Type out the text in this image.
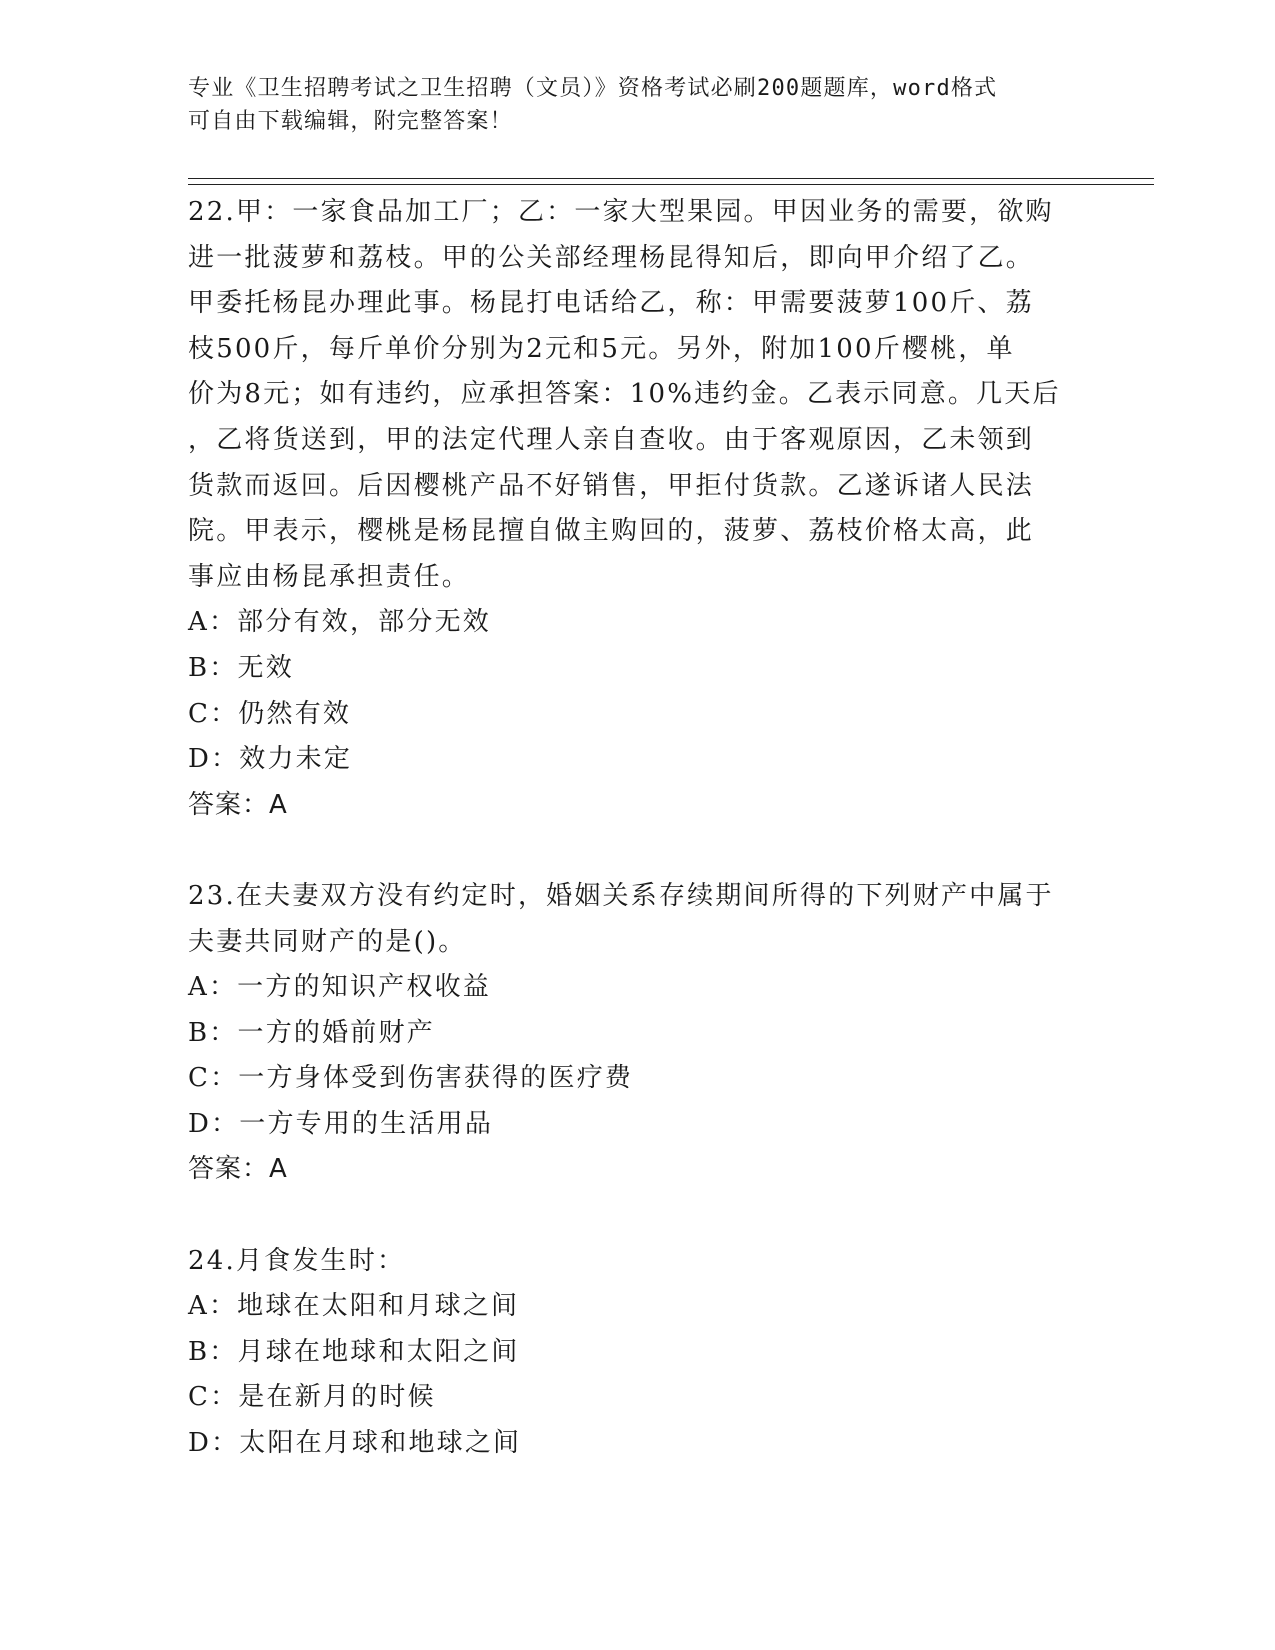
专业《卫生招聘考试之卫生招聘（文员）》资格考试必刷200题题库，word格式
可自由下载编辑，附完整答案！
22.甲：一家食品加工厂；乙：一家大型果园。甲因业务的需要，欲购
进一批菠萝和荔枝。甲的公关部经理杨昆得知后，即向甲介绍了乙。
甲委托杨昆办理此事。杨昆打电话给乙，称：甲需要菠萝100斤、荔
枝500斤，每斤单价分别为2元和5元。另外，附加100斤樱桃，单
价为8元；如有违约，应承担答案：10%违约金。乙表示同意。几天后
，乙将货送到，甲的法定代理人亲自查收。由于客观原因，乙未领到
货款而返回。后因樱桃产品不好销售，甲拒付货款。乙遂诉诸人民法
院。甲表示，樱桃是杨昆擅自做主购回的，菠萝、荔枝价格太高，此
事应由杨昆承担责任。
A：部分有效，部分无效
B：无效
C：仍然有效
D：效力未定
答案：A
23.在夫妻双方没有约定时，婚姻关系存续期间所得的下列财产中属于
夫妻共同财产的是()。
A：一方的知识产权收益
B：一方的婚前财产
C：一方身体受到伤害获得的医疗费
D：一方专用的生活用品
答案：A
24.月食发生时：
A：地球在太阳和月球之间
B：月球在地球和太阳之间
C：是在新月的时候
D：太阳在月球和地球之间
